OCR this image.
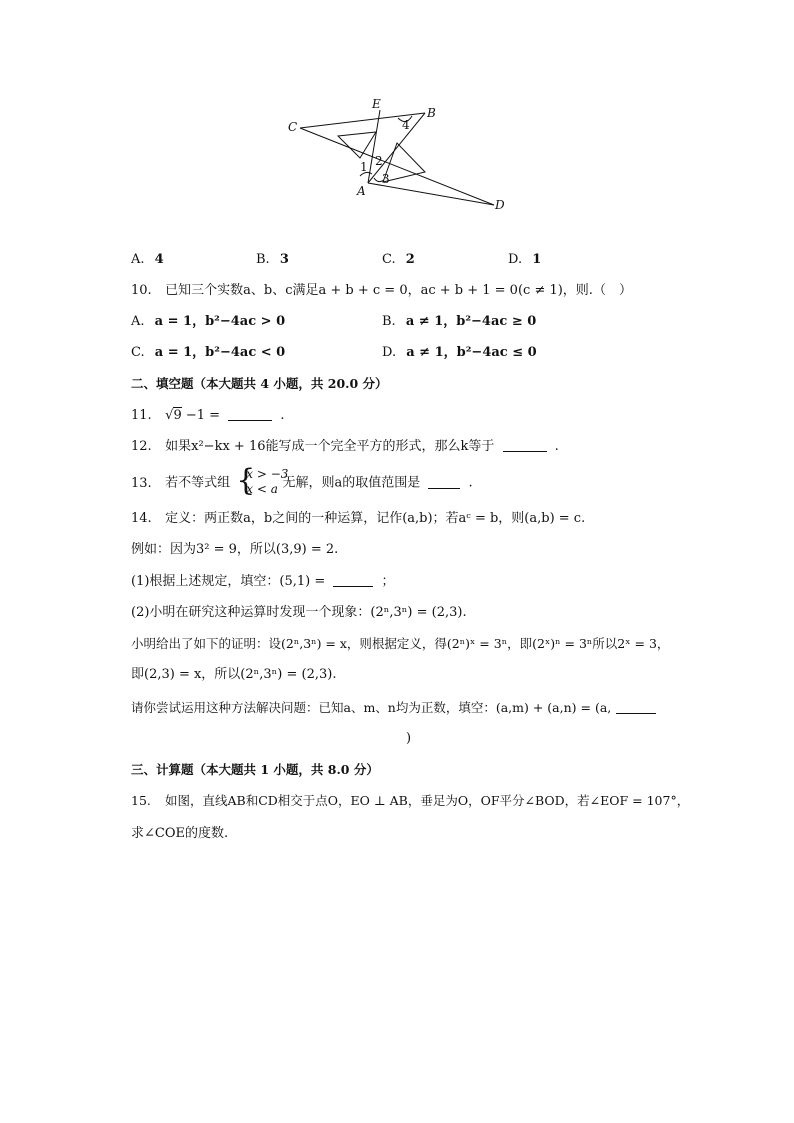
C
E
B
A
D
1 2
3
4
A. 4	B. 3	C. 2	D. 1
10. 已知三个实数a、b、c满足a + b + c = 0，ac + b + 1 = 0(c ≠ 1)，则.（　）
A. a = 1，b²−4ac > 0	B. a ≠ 1，b²−4ac ≥ 0
C. a = 1，b²−4ac < 0	D. a ≠ 1，b²−4ac ≤ 0
二、填空题（本大题共 4 小题，共 20.0 分）
11. √9 −1 =	.
12. 如果x²−kx + 16能写成一个完全平方的形式，那么k等于	.
13. 若不等式组 {
x > −3
x < a 无解，则a的取值范围是	.
14. 定义：两正数a，b之间的一种运算，记作(a,b)；若aᶜ = b，则(a,b) = c.
例如：因为3² = 9，所以(3,9) = 2.
(1)根据上述规定，填空：(5,1) =	；
(2)小明在研究这种运算时发现一个现象：(2ⁿ,3ⁿ) = (2,3).
小明给出了如下的证明：设(2ⁿ,3ⁿ) = x，则根据定义，得(2ⁿ)ˣ = 3ⁿ，即(2ˣ)ⁿ = 3ⁿ所以2ˣ = 3，
即(2,3) = x，所以(2ⁿ,3ⁿ) = (2,3).
请你尝试运用这种方法解决问题：已知a、m、n均为正数，填空：(a,m) + (a,n) = (a,
)
三、计算题（本大题共 1 小题，共 8.0 分）
15. 如图，直线AB和CD相交于点O，EO ⊥ AB，垂足为O，OF平分∠BOD，若∠EOF = 107°，
求∠COE的度数.
